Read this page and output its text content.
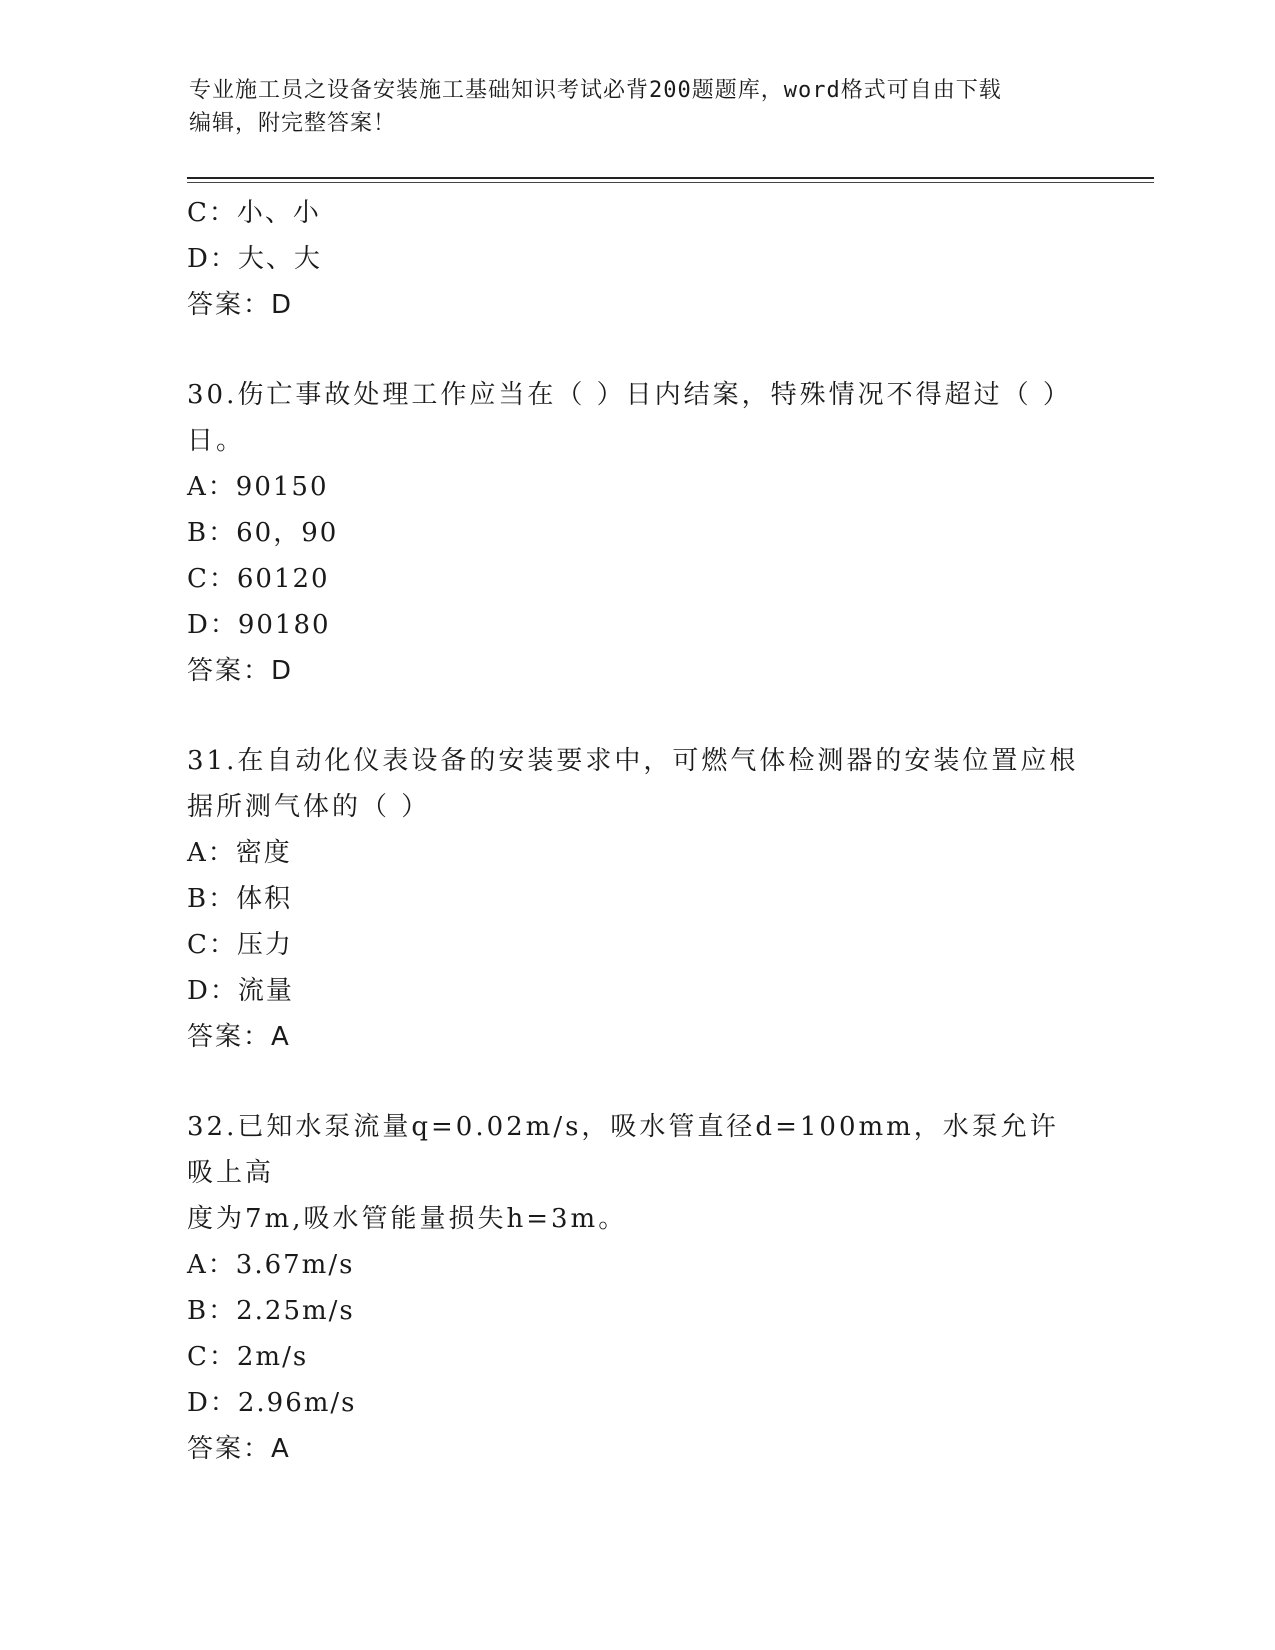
专业施工员之设备安装施工基础知识考试必背200题题库，word格式可自由下载
编辑，附完整答案！
C：小、小
D：大、大
答案：D
30.伤亡事故处理工作应当在（ ）日内结案，特殊情况不得超过（ ）
日。
A：90150
B：60，90
C：60120
D：90180
答案：D
31.在自动化仪表设备的安装要求中，可燃气体检测器的安装位置应根
据所测气体的（ ）
A：密度
B：体积
C：压力
D：流量
答案：A
32.已知水泵流量q=0.02m/s，吸水管直径d=100mm，水泵允许吸上高
度为7m,吸水管能量损失h=3m。
A：3.67m/s
B：2.25m/s
C：2m/s
D：2.96m/s
答案：A
